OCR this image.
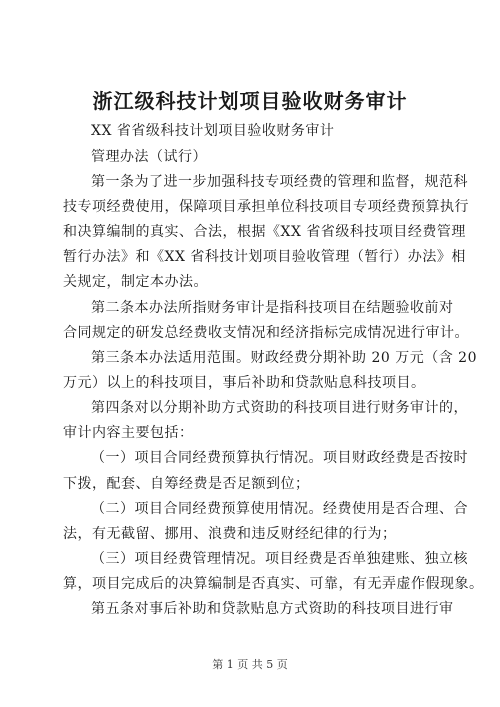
浙江级科技计划项目验收财务审计
XX 省省级科技计划项目验收财务审计
管理办法（试行）
第一条为了进一步加强科技专项经费的管理和监督，规范科
技专项经费使用，保障项目承担单位科技项目专项经费预算执行
和决算编制的真实、合法，根据《XX 省省级科技项目经费管理
暂行办法》和《XX 省科技计划项目验收管理（暂行）办法》相
关规定，制定本办法。
第二条本办法所指财务审计是指科技项目在结题验收前对
合同规定的研发总经费收支情况和经济指标完成情况进行审计。
第三条本办法适用范围。财政经费分期补助 20 万元（含 20
万元）以上的科技项目，事后补助和贷款贴息科技项目。
第四条对以分期补助方式资助的科技项目进行财务审计的，
审计内容主要包括：
（一）项目合同经费预算执行情况。项目财政经费是否按时
下拨，配套、自筹经费是否足额到位；
（二）项目合同经费预算使用情况。经费使用是否合理、合
法，有无截留、挪用、浪费和违反财经纪律的行为；
（三）项目经费管理情况。项目经费是否单独建账、独立核
算，项目完成后的决算编制是否真实、可靠，有无弄虚作假现象。
第五条对事后补助和贷款贴息方式资助的科技项目进行审
第 1 页 共 5 页
